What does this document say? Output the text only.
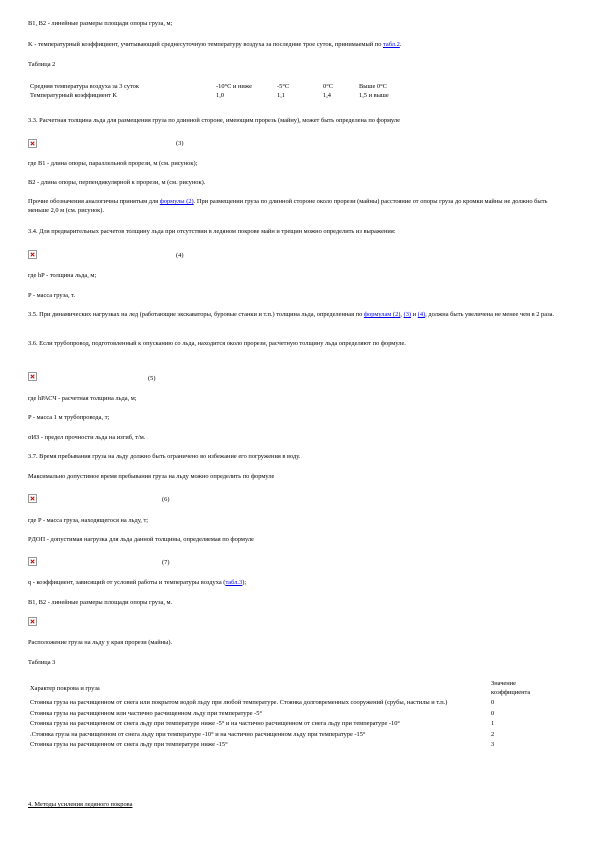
B1, B2 - линейные размеры площади опоры груза, м;
K - температурный коэффициент, учитывающий среднесуточную температуру воздуха за последние трое суток, принимаемый по табл.2.
Таблица 2
Средняя температура воздуха за 3 суток	-10°C и ниже	-5°C	0°C	Выше 0°C
Температурный коэффициент K	1,0	1,1	1,4	1,5 и выше
3.3. Расчетная толщина льда для размещения груза по длинной стороне, имеющим прорезь (майну), может быть определена по формуле
(3)
где B1 - длина опоры, параллельной прорези, м (см. рисунок);
B2 - длина опоры, перпендикулярной к прорези, м (см. рисунок).
Прочие обозначения аналогичны принятым для формулы (2). При размещении груза по длинной стороне около прорези (майны) расстояние от опоры груза до кромки майны не должно быть меньше 2,0 м (см. рисунок).
3.4. Для предварительных расчетов толщину льда при отсутствии в ледяном покрове майн и трещин можно определить из выражения:
(4)
где hP - толщина льда, м;
P - масса груза, т.
3.5. При динамических нагрузках на лед (работающие экскаваторы, буровые станки и т.п.) толщина льда, определенная по формулам (2), (3) и (4), должна быть увеличена не менее чем в 2 раза.
3.6. Если трубопровод, подготовленный к опусканию со льда, находится около прорези, расчетную толщину льда определяют по формуле.
(5)
где hРАСЧ - расчетная толщина льда, м;
P - масса 1 м трубопровода, т;
σИЗ - предел прочности льда на изгиб, т/м.
3.7. Время пребывания груза на льду должно быть ограничено во избежание его погружения в воду.
Максимально допустимое время пребывания груза на льду можно определить по формуле
(6)
где P - масса груза, находящегося на льду, т;
PДОП - допустимая нагрузка для льда данной толщины, определяемая по формуле
(7)
q - коэффициент, зависящий от условий работы и температуры воздуха (табл.3);
B1, B2 - линейные размеры площади опоры груза, м.
Расположение груза на льду у края прорези (майны).
Таблица 3
Характер покрова и груза	Значение коэффициента
Стоянка груза на расчищенном от снега или покрытом водой льду при любой температуре. Стоянка долговременных сооружений (срубы, настилы и т.п.)	0
Стоянка груза на расчищенном или частично расчищенном льду при температуре -5°	0
Стоянка груза на расчищенном от снега льду при температуре ниже -5° и на частично расчищенном от снега льду при температуре -10°	1
.Стоянка груза на расчищенном от снега льду при температуре -10° и на частично расчищенном льду при температуре -15°	2
Стоянка груза на расчищенном от снега льду при температуре ниже -15°	3
4. Методы усиления ледяного покрова
